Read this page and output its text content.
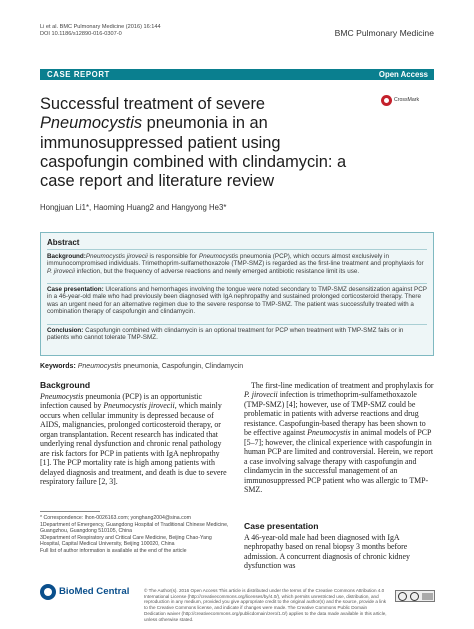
Li et al. BMC Pulmonary Medicine (2016) 16:144
DOI 10.1186/s12890-016-0307-0	BMC Pulmonary Medicine
CASE REPORT	Open Access
CrossMark
Successful treatment of severe Pneumocystis pneumonia in an immunosuppressed patient using caspofungin combined with clindamycin: a case report and literature review
Hongjuan Li1*, Haoming Huang2 and Hangyong He3*
Abstract

Background:Pneumocystis jirovecii is responsible for Pneumocystis pneumonia (PCP), which occurs almost exclusively in immunocompromised individuals. Trimethoprim-sulfamethoxazole (TMP-SMZ) is regarded as the first-line treatment and prophylaxis for P. jirovecii infection, but the frequency of adverse reactions and newly emerged antibiotic resistance limit its use.

Case presentation: Ulcerations and hemorrhages involving the tongue were noted secondary to TMP-SMZ desensitization against PCP in a 46-year-old male who had previously been diagnosed with IgA nephropathy and sustained prolonged corticosteroid therapy. There was an urgent need for an alternative regimen due to the severe response to TMP-SMZ. The patient was successfully treated with a combination therapy of caspofungin and clindamycin.

Conclusion: Caspofungin combined with clindamycin is an optional treatment for PCP when treatment with TMP-SMZ fails or in patients who cannot tolerate TMP-SMZ.

Keywords: Pneumocystis pneumonia, Caspofungin, Clindamycin

Background

Pneumocystis pneumonia (PCP) is an opportunistic infection caused by Pneumocystis jirovecii, which mainly occurs when cellular immunity is depressed because of AIDS, malignancies, prolonged corticosteroid therapy, or organ transplantation. Recent research has indicated that underlying renal dysfunction and chronic renal pathology are risk factors for PCP in patients with IgA nephropathy [1]. The PCP mortality rate is high among patients with delayed diagnosis and treatment, and death is due to severe respiratory failure [2, 3].

The first-line medication of treatment and prophylaxis for P. jirovecii infection is trimethoprim-sulfamethoxazole (TMP-SMZ) [4]; however, use of TMP-SMZ could be problematic in patients with adverse reactions and drug resistance. Caspofungin-based therapy has been shown to be effective against Pneumocystis in animal models of PCP [5–7]; however, the clinical experience with caspofungin in human PCP are limited and controversial. Herein, we report a case involving salvage therapy with caspofungin and clindamycin in the successful management of an immunosuppressed PCP patient who was allergic to TMP-SMZ.

Case presentation

A 46-year-old male had been diagnosed with IgA nephropathy based on renal biopsy 3 months before admission. A concurrent diagnosis of chronic kidney dysfunction was

* Correspondence: lhon-0026163.com; yonghang2004@sina.com
1Department of Emergency, Guangdong Hospital of Traditional Chinese Medicine, Guangzhou, Guangdong 510105, China
3Department of Respiratory and Critical Care Medicine, Beijing Chao-Yang Hospital, Capital Medical University, Beijing 100020, China
Full list of author information is available at the end of the article
BioMed Central	© The Author(s). 2016 Open Access This article is distributed under the terms of the Creative Commons Attribution 4.0 International License (http://creativecommons.org/licenses/by/4.0/), which permits unrestricted use, distribution, and reproduction in any medium, provided you give appropriate credit to the original author(s) and the source, provide a link to the Creative Commons license, and indicate if changes were made. The Creative Commons Public Domain Dedication waiver (http://creativecommons.org/publicdomain/zero/1.0/) applies to the data made available in this article, unless otherwise stated.
